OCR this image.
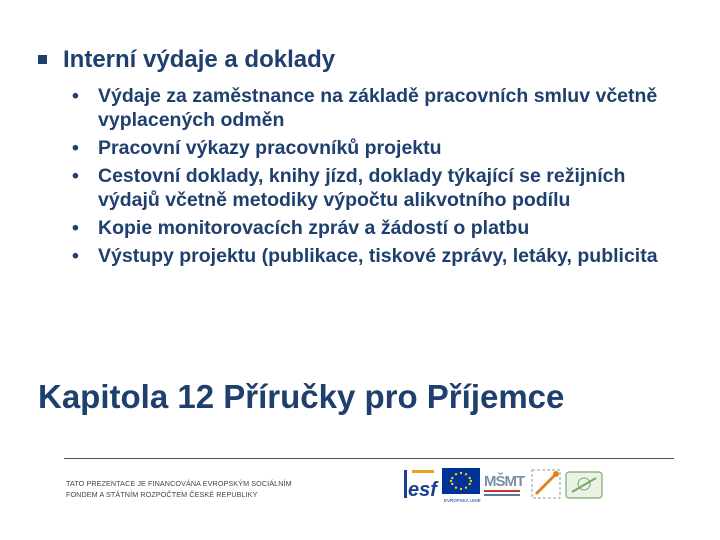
Interní výdaje a doklady
• Výdaje za zaměstnance na základě pracovních smluv včetně vyplacených odměn
• Pracovní výkazy pracovníků projektu
• Cestovní doklady, knihy jízd, doklady týkající se režijních výdajů včetně metodiky výpočtu alikvotního podílu
• Kopie monitorovacích zpráv a žádostí o platbu
• Výstupy projektu (publikace, tiskové zprávy, letáky, publicita
Kapitola 12 Příručky pro Příjemce
TATO PREZENTACE JE FINANCOVÁNA EVROPSKÝM SOCIÁLNÍM
FONDEM A STÁTNÍM ROZPOČTEM ČESKÉ REPUBLIKY	esf	EVROPSKÁ UNIE
MŠMT
